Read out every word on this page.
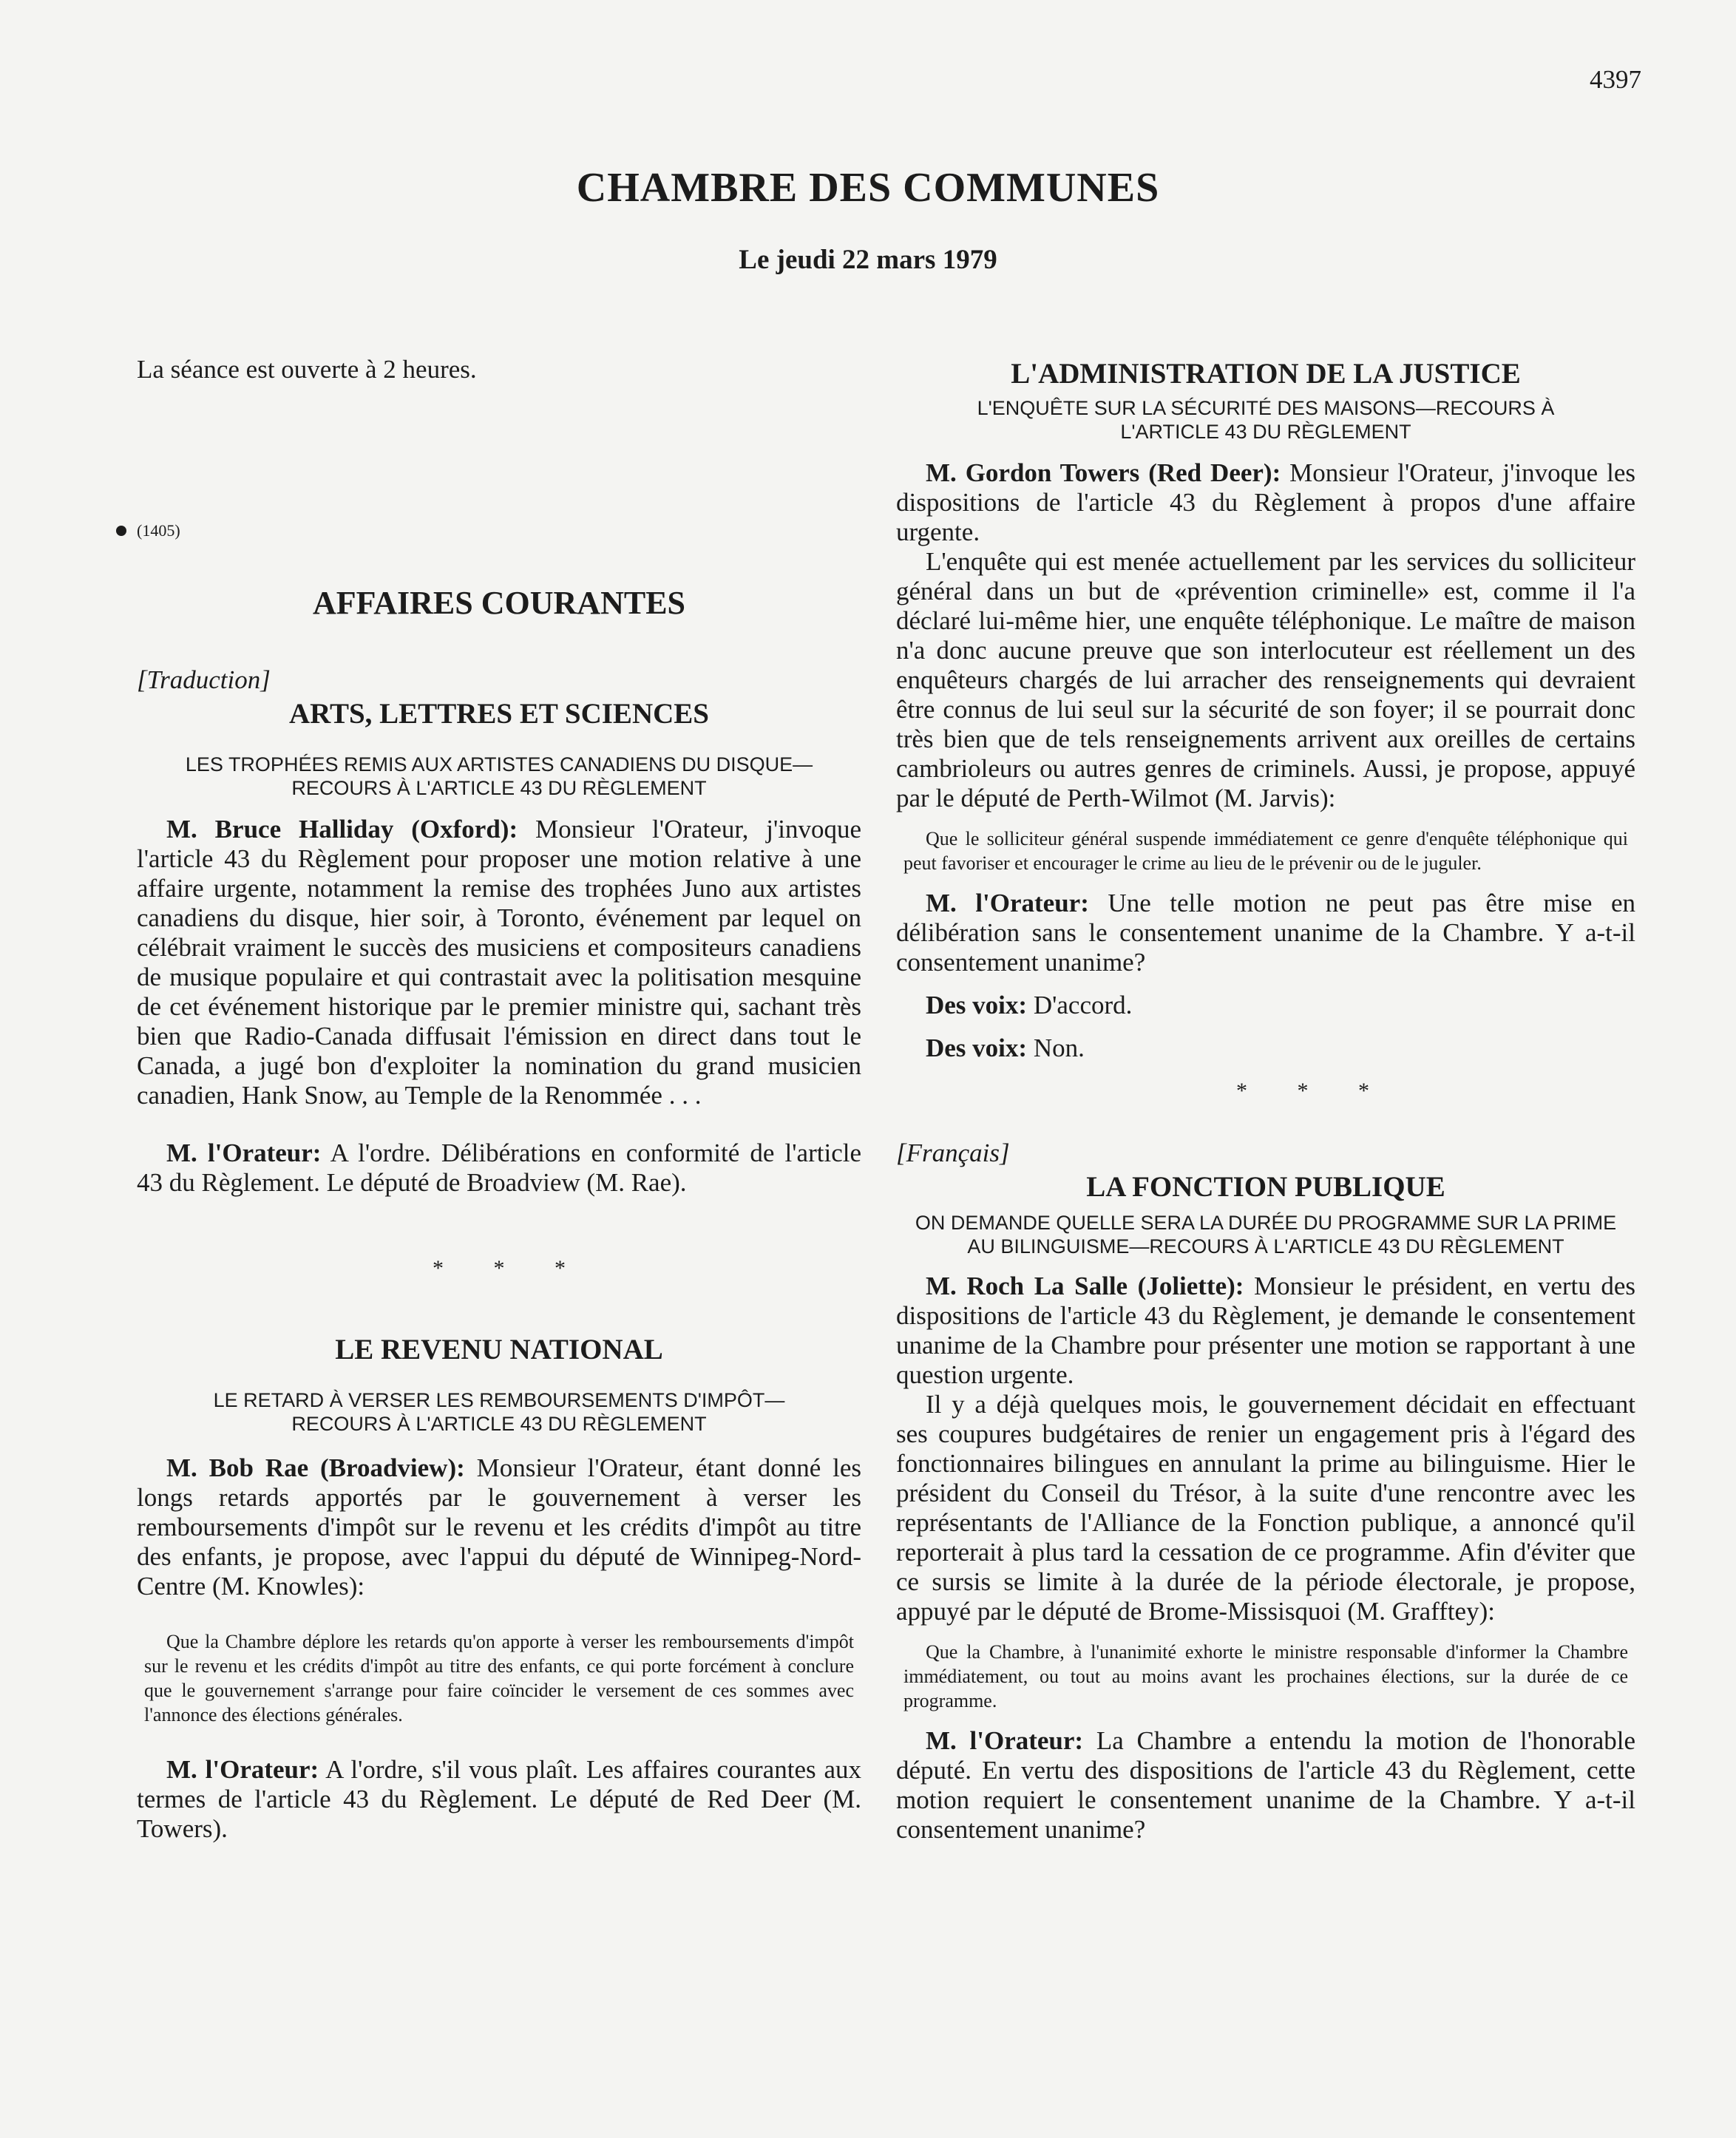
4397
CHAMBRE DES COMMUNES
Le jeudi 22 mars 1979

La séance est ouverte à 2 heures.

(1405)
AFFAIRES COURANTES

[Traduction]

ARTS, LETTRES ET SCIENCES
LES TROPHÉES REMIS AUX ARTISTES CANADIENS DU DISQUE—RECOURS À L'ARTICLE 43 DU RÈGLEMENT

M. Bruce Halliday (Oxford): Monsieur l'Orateur, j'invoque l'article 43 du Règlement pour proposer une motion relative à une affaire urgente, notamment la remise des trophées Juno aux artistes canadiens du disque, hier soir, à Toronto, événement par lequel on célébrait vraiment le succès des musiciens et compositeurs canadiens de musique populaire et qui contrastait avec la politisation mesquine de cet événement historique par le premier ministre qui, sachant très bien que Radio-Canada diffusait l'émission en direct dans tout le Canada, a jugé bon d'exploiter la nomination du grand musicien canadien, Hank Snow, au Temple de la Renommée . . .

M. l'Orateur: A l'ordre. Délibérations en conformité de l'article 43 du Règlement. Le député de Broadview (M. Rae).

* * *
LE REVENU NATIONAL
LE RETARD À VERSER LES REMBOURSEMENTS D'IMPÔT—RECOURS À L'ARTICLE 43 DU RÈGLEMENT

M. Bob Rae (Broadview): Monsieur l'Orateur, étant donné les longs retards apportés par le gouvernement à verser les remboursements d'impôt sur le revenu et les crédits d'impôt au titre des enfants, je propose, avec l'appui du député de Winnipeg-Nord-Centre (M. Knowles):

Que la Chambre déplore les retards qu'on apporte à verser les remboursements d'impôt sur le revenu et les crédits d'impôt au titre des enfants, ce qui porte forcément à conclure que le gouvernement s'arrange pour faire coïncider le versement de ces sommes avec l'annonce des élections générales.

M. l'Orateur: A l'ordre, s'il vous plaît. Les affaires courantes aux termes de l'article 43 du Règlement. Le député de Red Deer (M. Towers).

L'ADMINISTRATION DE LA JUSTICE
L'ENQUÊTE SUR LA SÉCURITÉ DES MAISONS—RECOURS À L'ARTICLE 43 DU RÈGLEMENT

M. Gordon Towers (Red Deer): Monsieur l'Orateur, j'invoque les dispositions de l'article 43 du Règlement à propos d'une affaire urgente.

L'enquête qui est menée actuellement par les services du solliciteur général dans un but de «prévention criminelle» est, comme il l'a déclaré lui-même hier, une enquête téléphonique. Le maître de maison n'a donc aucune preuve que son interlocuteur est réellement un des enquêteurs chargés de lui arracher des renseignements qui devraient être connus de lui seul sur la sécurité de son foyer; il se pourrait donc très bien que de tels renseignements arrivent aux oreilles de certains cambrioleurs ou autres genres de criminels. Aussi, je propose, appuyé par le député de Perth-Wilmot (M. Jarvis):

Que le solliciteur général suspende immédiatement ce genre d'enquête téléphonique qui peut favoriser et encourager le crime au lieu de le prévenir ou de le juguler.

M. l'Orateur: Une telle motion ne peut pas être mise en délibération sans le consentement unanime de la Chambre. Y a-t-il consentement unanime?

Des voix: D'accord.

Des voix: Non.

* * *

[Français]

LA FONCTION PUBLIQUE
ON DEMANDE QUELLE SERA LA DURÉE DU PROGRAMME SUR LA PRIME AU BILINGUISME—RECOURS À L'ARTICLE 43 DU RÈGLEMENT

M. Roch La Salle (Joliette): Monsieur le président, en vertu des dispositions de l'article 43 du Règlement, je demande le consentement unanime de la Chambre pour présenter une motion se rapportant à une question urgente.

Il y a déjà quelques mois, le gouvernement décidait en effectuant ses coupures budgétaires de renier un engagement pris à l'égard des fonctionnaires bilingues en annulant la prime au bilinguisme. Hier le président du Conseil du Trésor, à la suite d'une rencontre avec les représentants de l'Alliance de la Fonction publique, a annoncé qu'il reporterait à plus tard la cessation de ce programme. Afin d'éviter que ce sursis se limite à la durée de la période électorale, je propose, appuyé par le député de Brome-Missisquoi (M. Grafftey):

Que la Chambre, à l'unanimité exhorte le ministre responsable d'informer la Chambre immédiatement, ou tout au moins avant les prochaines élections, sur la durée de ce programme.

M. l'Orateur: La Chambre a entendu la motion de l'honorable député. En vertu des dispositions de l'article 43 du Règlement, cette motion requiert le consentement unanime de la Chambre. Y a-t-il consentement unanime?
